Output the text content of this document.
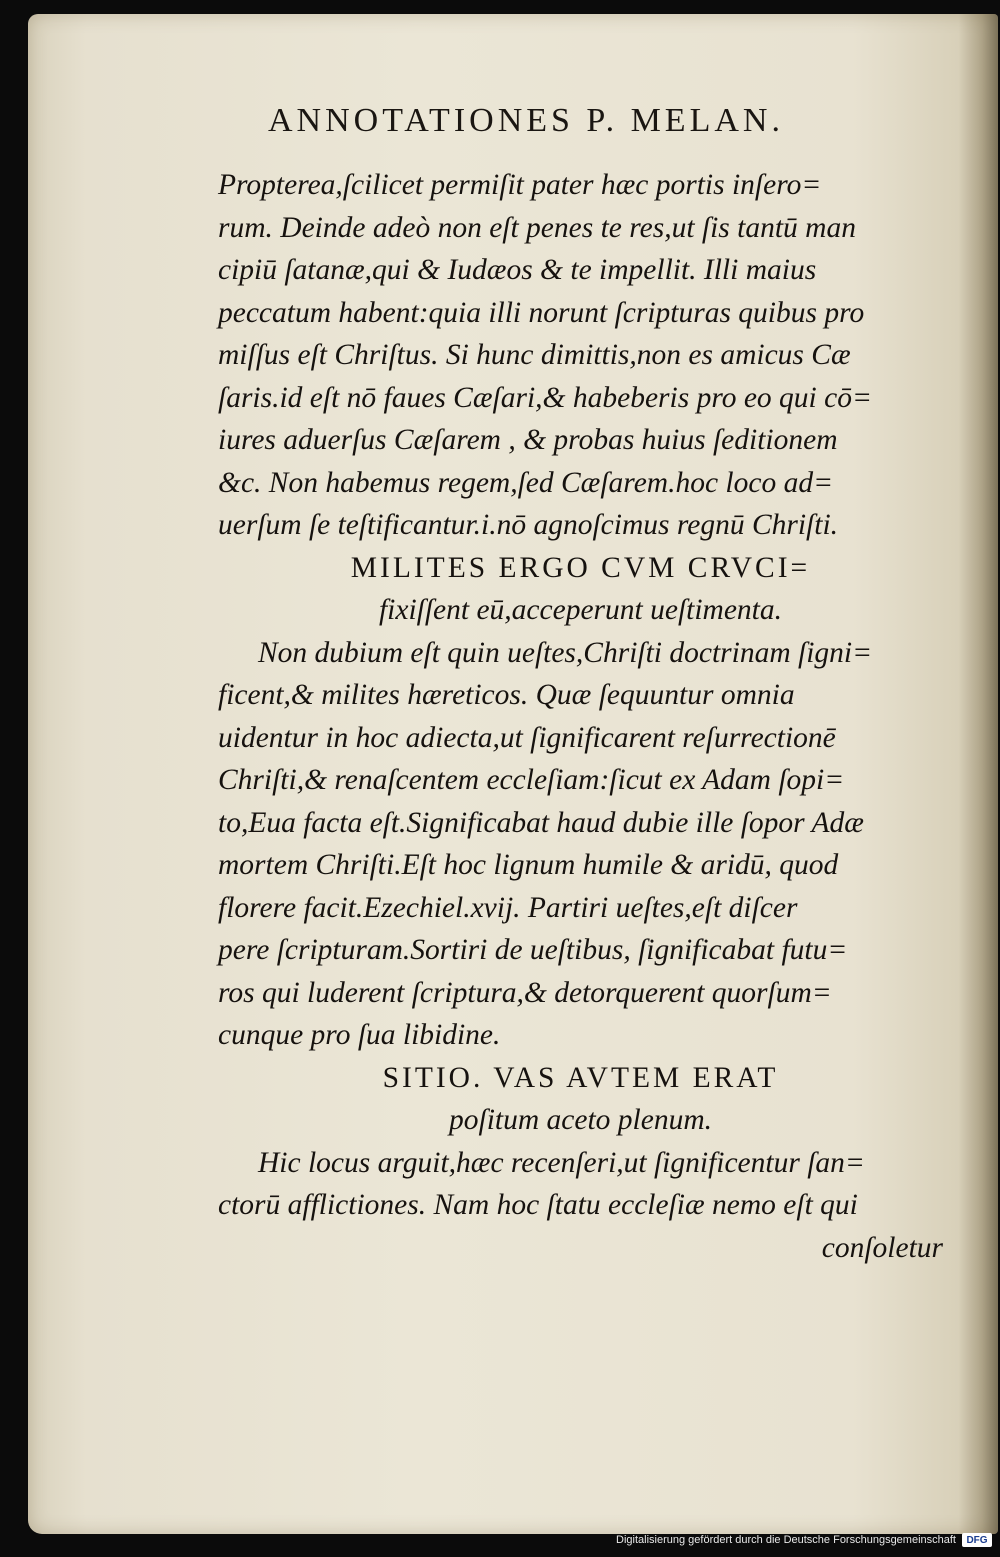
ANNOTATIONES P. MELAN.
Propterea,ſcilicet permiſit pater hæc portis inſero=
rum. Deinde adeò non eſt penes te res,ut ſis tantū man
cipiū ſatanæ,qui & Iudæos & te impellit. Illi maius
peccatum habent:quia illi norunt ſcripturas quibus pro
miſſus eſt Chriſtus. Si hunc dimittis,non es amicus Cæ
ſaris.id eſt nō faues Cæſari,& habeberis pro eo qui cō=
iures aduerſus Cæſarem , & probas huius ſeditionem
&c. Non habemus regem,ſed Cæſarem.hoc loco ad=
uerſum ſe teſtificantur.i.nō agnoſcimus regnū Chriſti.
MILITES ERGO CVM CRVCI=
fixiſſent eū,acceperunt ueſtimenta.
Non dubium eſt quin ueſtes,Chriſti doctrinam ſigni=
ficent,& milites hæreticos. Quæ ſequuntur omnia
uidentur in hoc adiecta,ut ſignificarent reſurrectionē
Chriſti,& renaſcentem eccleſiam:ſicut ex Adam ſopi=
to,Eua facta eſt.Significabat haud dubie ille ſopor Adæ
mortem Chriſti.Eſt hoc lignum humile & aridū, quod
florere facit.Ezechiel.xvij. Partiri ueſtes,eſt diſcer
pere ſcripturam.Sortiri de ueſtibus, ſignificabat futu=
ros qui luderent ſcriptura,& detorquerent quorſum=
cunque pro ſua libidine.
SITIO. VAS AVTEM ERAT
poſitum aceto plenum.
Hic locus arguit,hæc recenſeri,ut ſignificentur ſan=
ctorū afflictiones. Nam hoc ſtatu eccleſiæ nemo eſt qui
conſoletur
Digitalisierung gefördert durch die Deutsche Forschungsgemeinschaft	DFG
